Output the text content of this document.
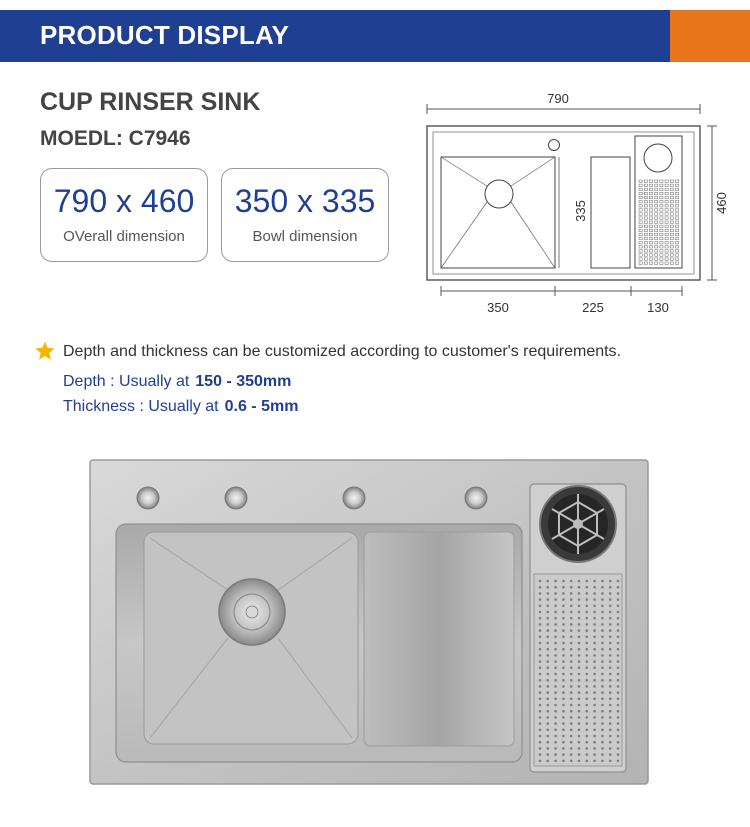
PRODUCT DISPLAY
CUP RINSER SINK
MOEDL: C7946
790 x 460
OVerall dimension
350 x 335
Bowl dimension
790
460
335
350	225	130
Depth and thickness can be customized according to customer's requirements.
Depth : Usually at 150 - 350mm
Thickness : Usually at 0.6 - 5mm
